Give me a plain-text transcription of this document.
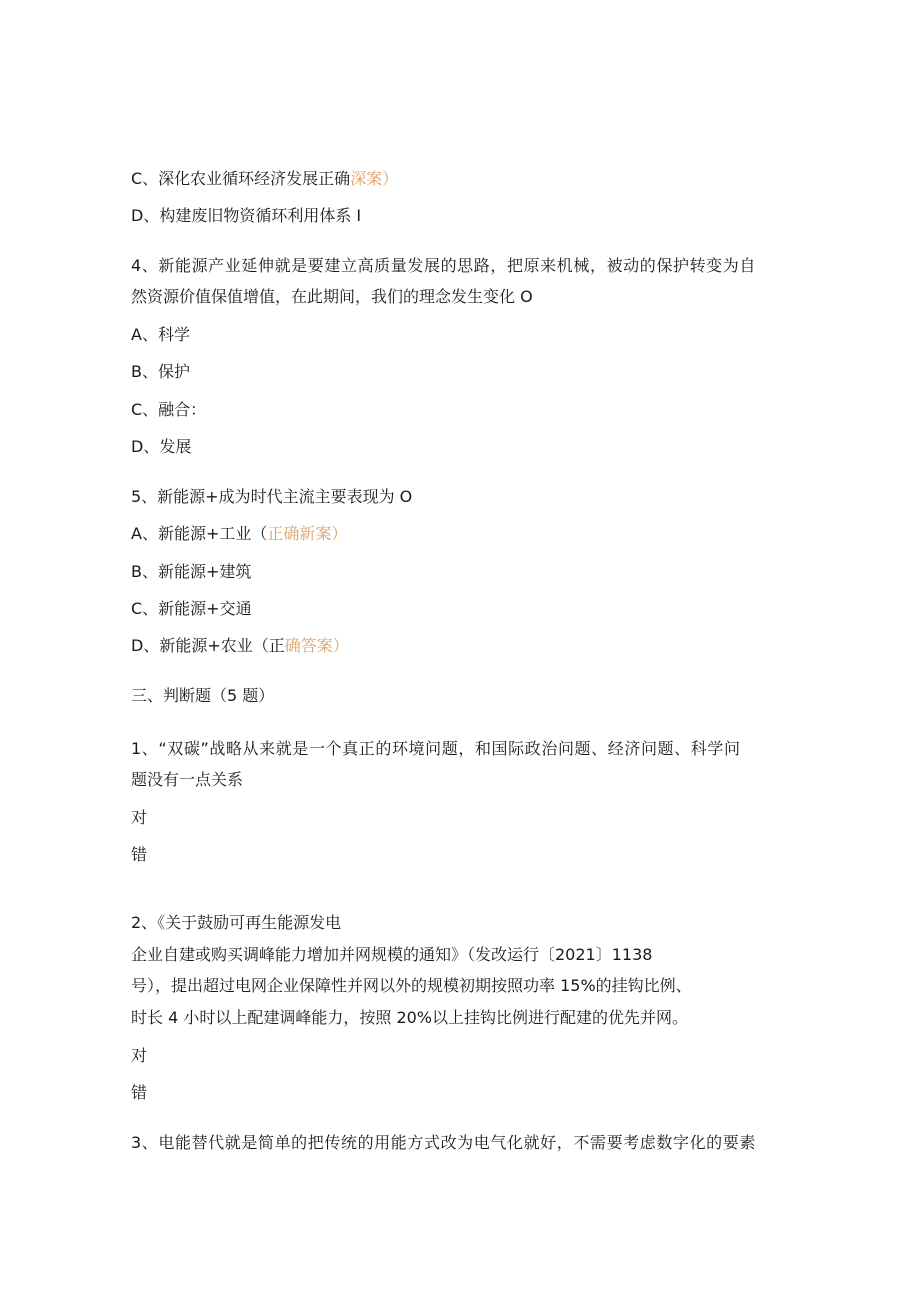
C、深化农业循环经济发展正确深案）
D、构建废旧物资循环利用体系 I
4、新能源产业延伸就是要建立高质量发展的思路，把原来机械，被动的保护转变为自
然资源价值保值增值，在此期间，我们的理念发生变化 O
A、科学
B、保护
C、融合：
D、发展
5、新能源+成为时代主流主要表现为 O
A、新能源+工业（正确新案）
B、新能源+建筑
C、新能源+交通
D、新能源+农业（正确答案）
三、判断题（5 题）
1、“双碳”战略从来就是一个真正的环境问题，和国际政治问题、经济问题、科学问
题没有一点关系
对
错
2、《关于鼓励可再生能源发电
企业自建或购买调峰能力增加并网规模的通知》（发改运行〔2021〕1138
号），提出超过电网企业保障性并网以外的规模初期按照功率 15%的挂钩比例、
时长 4 小时以上配建调峰能力，按照 20%以上挂钩比例进行配建的优先并网。
对
错
3、电能替代就是简单的把传统的用能方式改为电气化就好，不需要考虑数字化的要素
